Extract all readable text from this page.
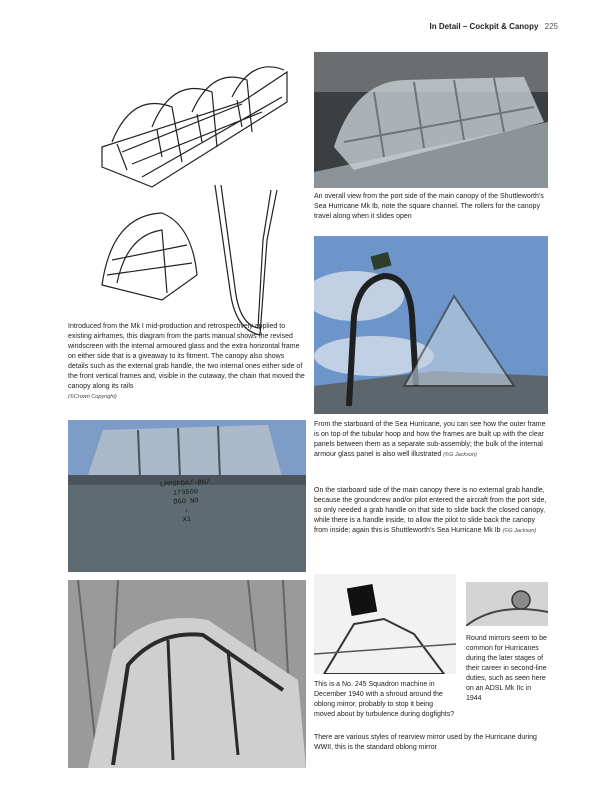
In Detail – Cockpit & Canopy 225
Introduced from the Mk I mid-production and retrospectively applied to existing airframes, this diagram from the parts manual shows the revised windscreen with the internal armoured glass and the extra horizontal frame on either side that is a giveaway to its fitment. The canopy also shows details such as the external grab handle, the two internal ones either side of the front vertical frames and, visible in the cutaway, the chain that moved the canopy along its rails
(©Crown Copyright)
An overall view from the port side of the main canopy of the Shuttleworth's Sea Hurricane Mk Ib, note the square channel. The rollers for the canopy travel along when it slides open
From the starboard of the Sea Hurricane, you can see how the outer frame is on top of the tubular hoop and how the frames are built up with the clear panels between them as a separate sub-assembly; the bulk of the internal armour glass panel is also well illustrated (©G Jackson)
LPPOPDA/-BN/
173560
DGO NO
↓
X1
On the starboard side of the main canopy there is no external grab handle, because the groundcrew and/or pilot entered the aircraft from the port side, so only needed a grab handle on that side to slide back the closed canopy, while there is a handle inside, to allow the pilot to slide back the canopy from inside; again this is Shuttleworth's Sea Hurricane Mk Ib (©G Jackson)
Round mirrors seem to be common for Hurricanes during the later stages of their career in second-line duties, such as seen here on an ADSL Mk IIc in 1944
This is a No. 245 Squadron machine in December 1940 with a shroud around the oblong mirror, probably to stop it being moved about by turbulence during dogfights?
There are various styles of rearview mirror used by the Hurricane during WWII, this is the standard oblong mirror
